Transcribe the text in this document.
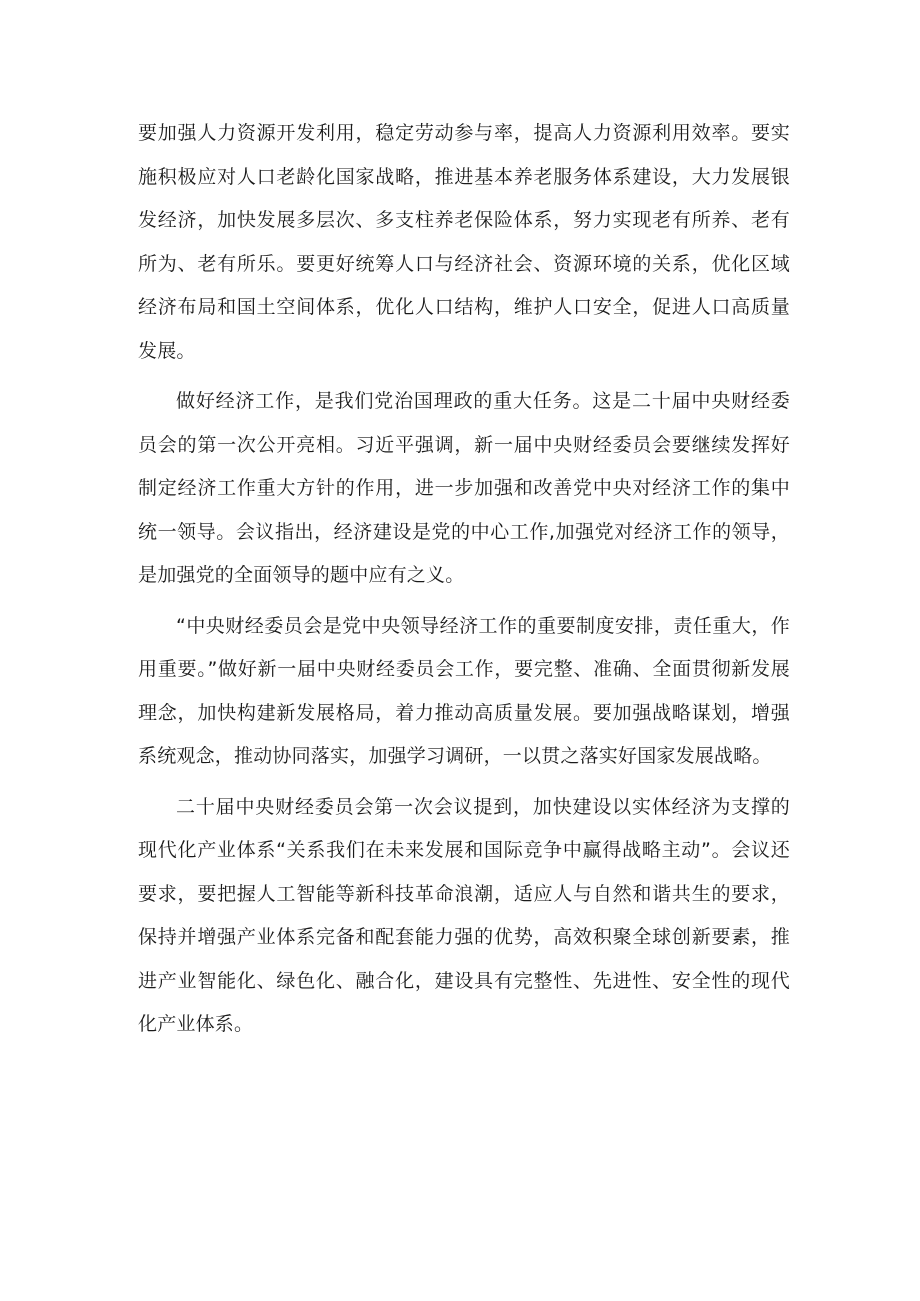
要加强人力资源开发利用，稳定劳动参与率，提高人力资源利用效率。要实施积极应对人口老龄化国家战略，推进基本养老服务体系建设，大力发展银发经济，加快发展多层次、多支柱养老保险体系，努力实现老有所养、老有所为、老有所乐。要更好统筹人口与经济社会、资源环境的关系，优化区域经济布局和国土空间体系，优化人口结构，维护人口安全，促进人口高质量发展。

做好经济工作，是我们党治国理政的重大任务。这是二十届中央财经委员会的第一次公开亮相。习近平强调，新一届中央财经委员会要继续发挥好制定经济工作重大方针的作用，进一步加强和改善党中央对经济工作的集中统一领导。会议指出，经济建设是党的中心工作,加强党对经济工作的领导，是加强党的全面领导的题中应有之义。

“中央财经委员会是党中央领导经济工作的重要制度安排，责任重大，作用重要。”做好新一届中央财经委员会工作，要完整、准确、全面贯彻新发展理念，加快构建新发展格局，着力推动高质量发展。要加强战略谋划，增强系统观念，推动协同落实，加强学习调研，一以贯之落实好国家发展战略。

二十届中央财经委员会第一次会议提到，加快建设以实体经济为支撑的现代化产业体系“关系我们在未来发展和国际竞争中赢得战略主动”。会议还要求，要把握人工智能等新科技革命浪潮，适应人与自然和谐共生的要求，保持并增强产业体系完备和配套能力强的优势，高效积聚全球创新要素，推进产业智能化、绿色化、融合化，建设具有完整性、先进性、安全性的现代化产业体系。
